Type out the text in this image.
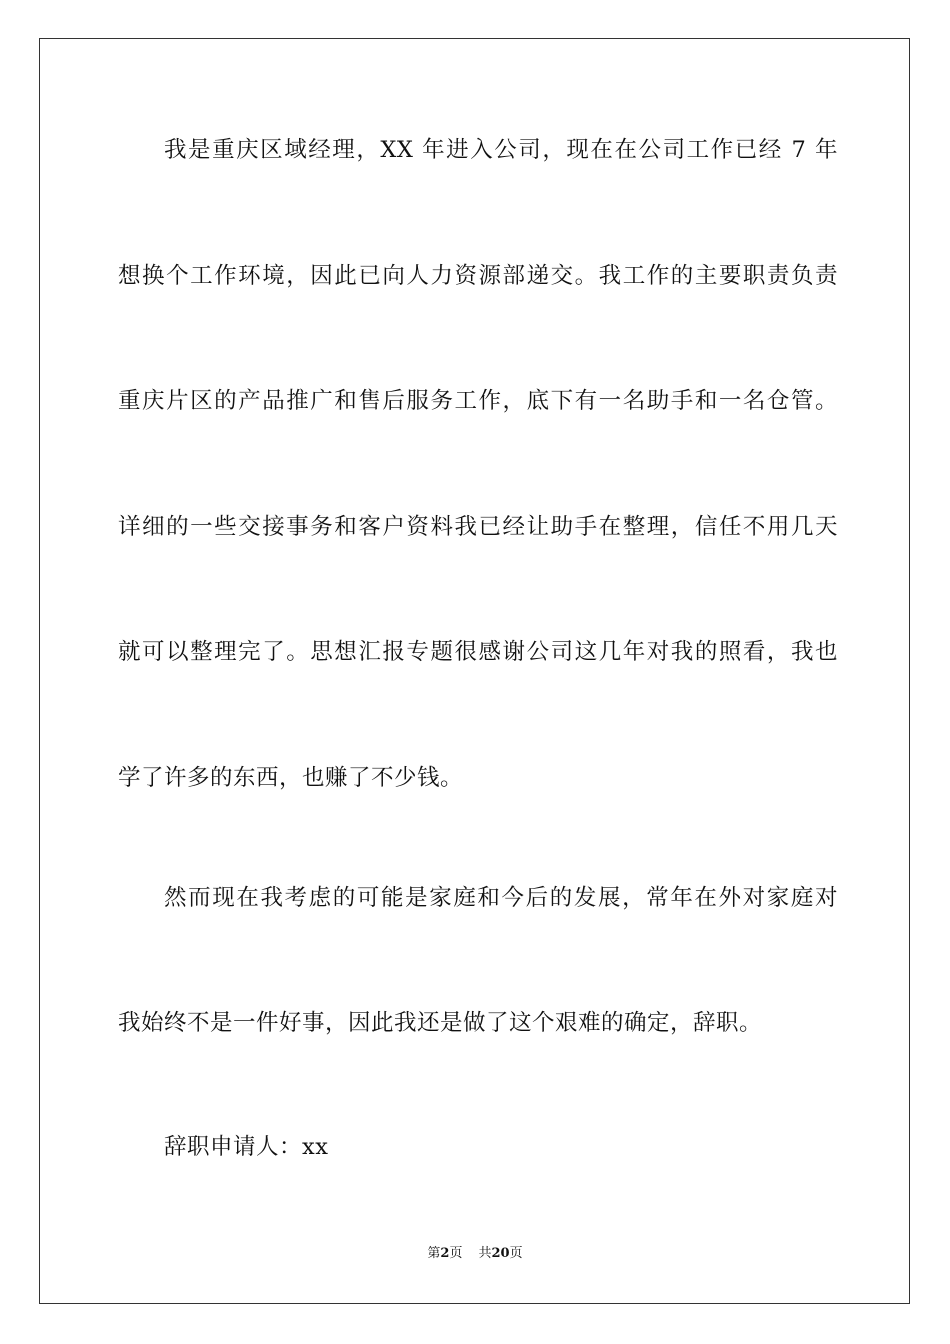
我是重庆区域经理，XX 年进入公司，现在在公司工作已经 7 年
想换个工作环境，因此已向人力资源部递交。我工作的主要职责负责
重庆片区的产品推广和售后服务工作，底下有一名助手和一名仓管。
详细的一些交接事务和客户资料我已经让助手在整理，信任不用几天
就可以整理完了。思想汇报专题很感谢公司这几年对我的照看，我也
学了许多的东西，也赚了不少钱。
然而现在我考虑的可能是家庭和今后的发展，常年在外对家庭对
我始终不是一件好事，因此我还是做了这个艰难的确定，辞职。
辞职申请人：xx
第2页 共20页
